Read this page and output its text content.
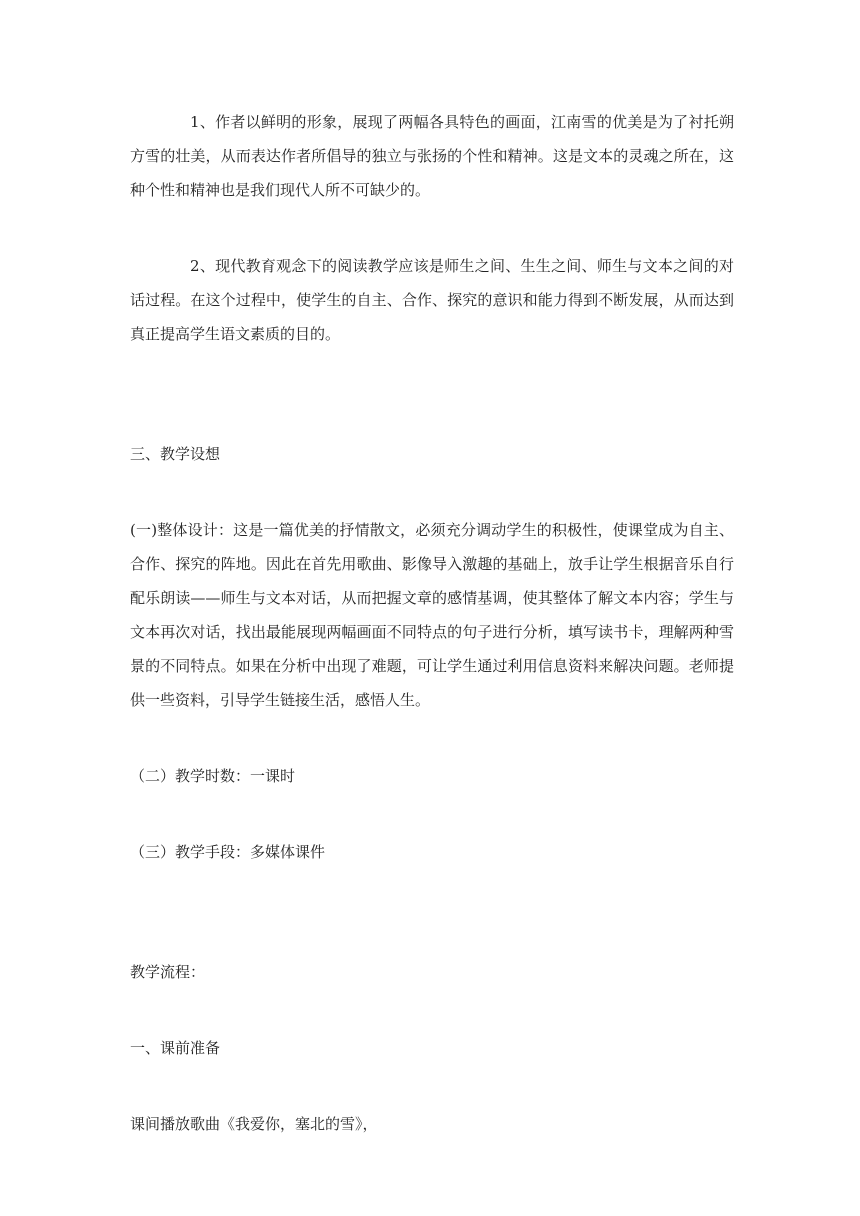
1、作者以鲜明的形象，展现了两幅各具特色的画面，江南雪的优美是为了衬托朔方雪的壮美，从而表达作者所倡导的独立与张扬的个性和精神。这是文本的灵魂之所在，这种个性和精神也是我们现代人所不可缺少的。

2、现代教育观念下的阅读教学应该是师生之间、生生之间、师生与文本之间的对话过程。在这个过程中，使学生的自主、合作、探究的意识和能力得到不断发展，从而达到真正提高学生语文素质的目的。

三、教学设想

(一)整体设计：这是一篇优美的抒情散文，必须充分调动学生的积极性，使课堂成为自主、合作、探究的阵地。因此在首先用歌曲、影像导入激趣的基础上，放手让学生根据音乐自行配乐朗读——师生与文本对话，从而把握文章的感情基调，使其整体了解文本内容；学生与文本再次对话，找出最能展现两幅画面不同特点的句子进行分析，填写读书卡，理解两种雪景的不同特点。如果在分析中出现了难题，可让学生通过利用信息资料来解决问题。老师提供一些资料，引导学生链接生活，感悟人生。

（二）教学时数：一课时

（三）教学手段：多媒体课件

教学流程：

一、课前准备

课间播放歌曲《我爱你，塞北的雪》，
